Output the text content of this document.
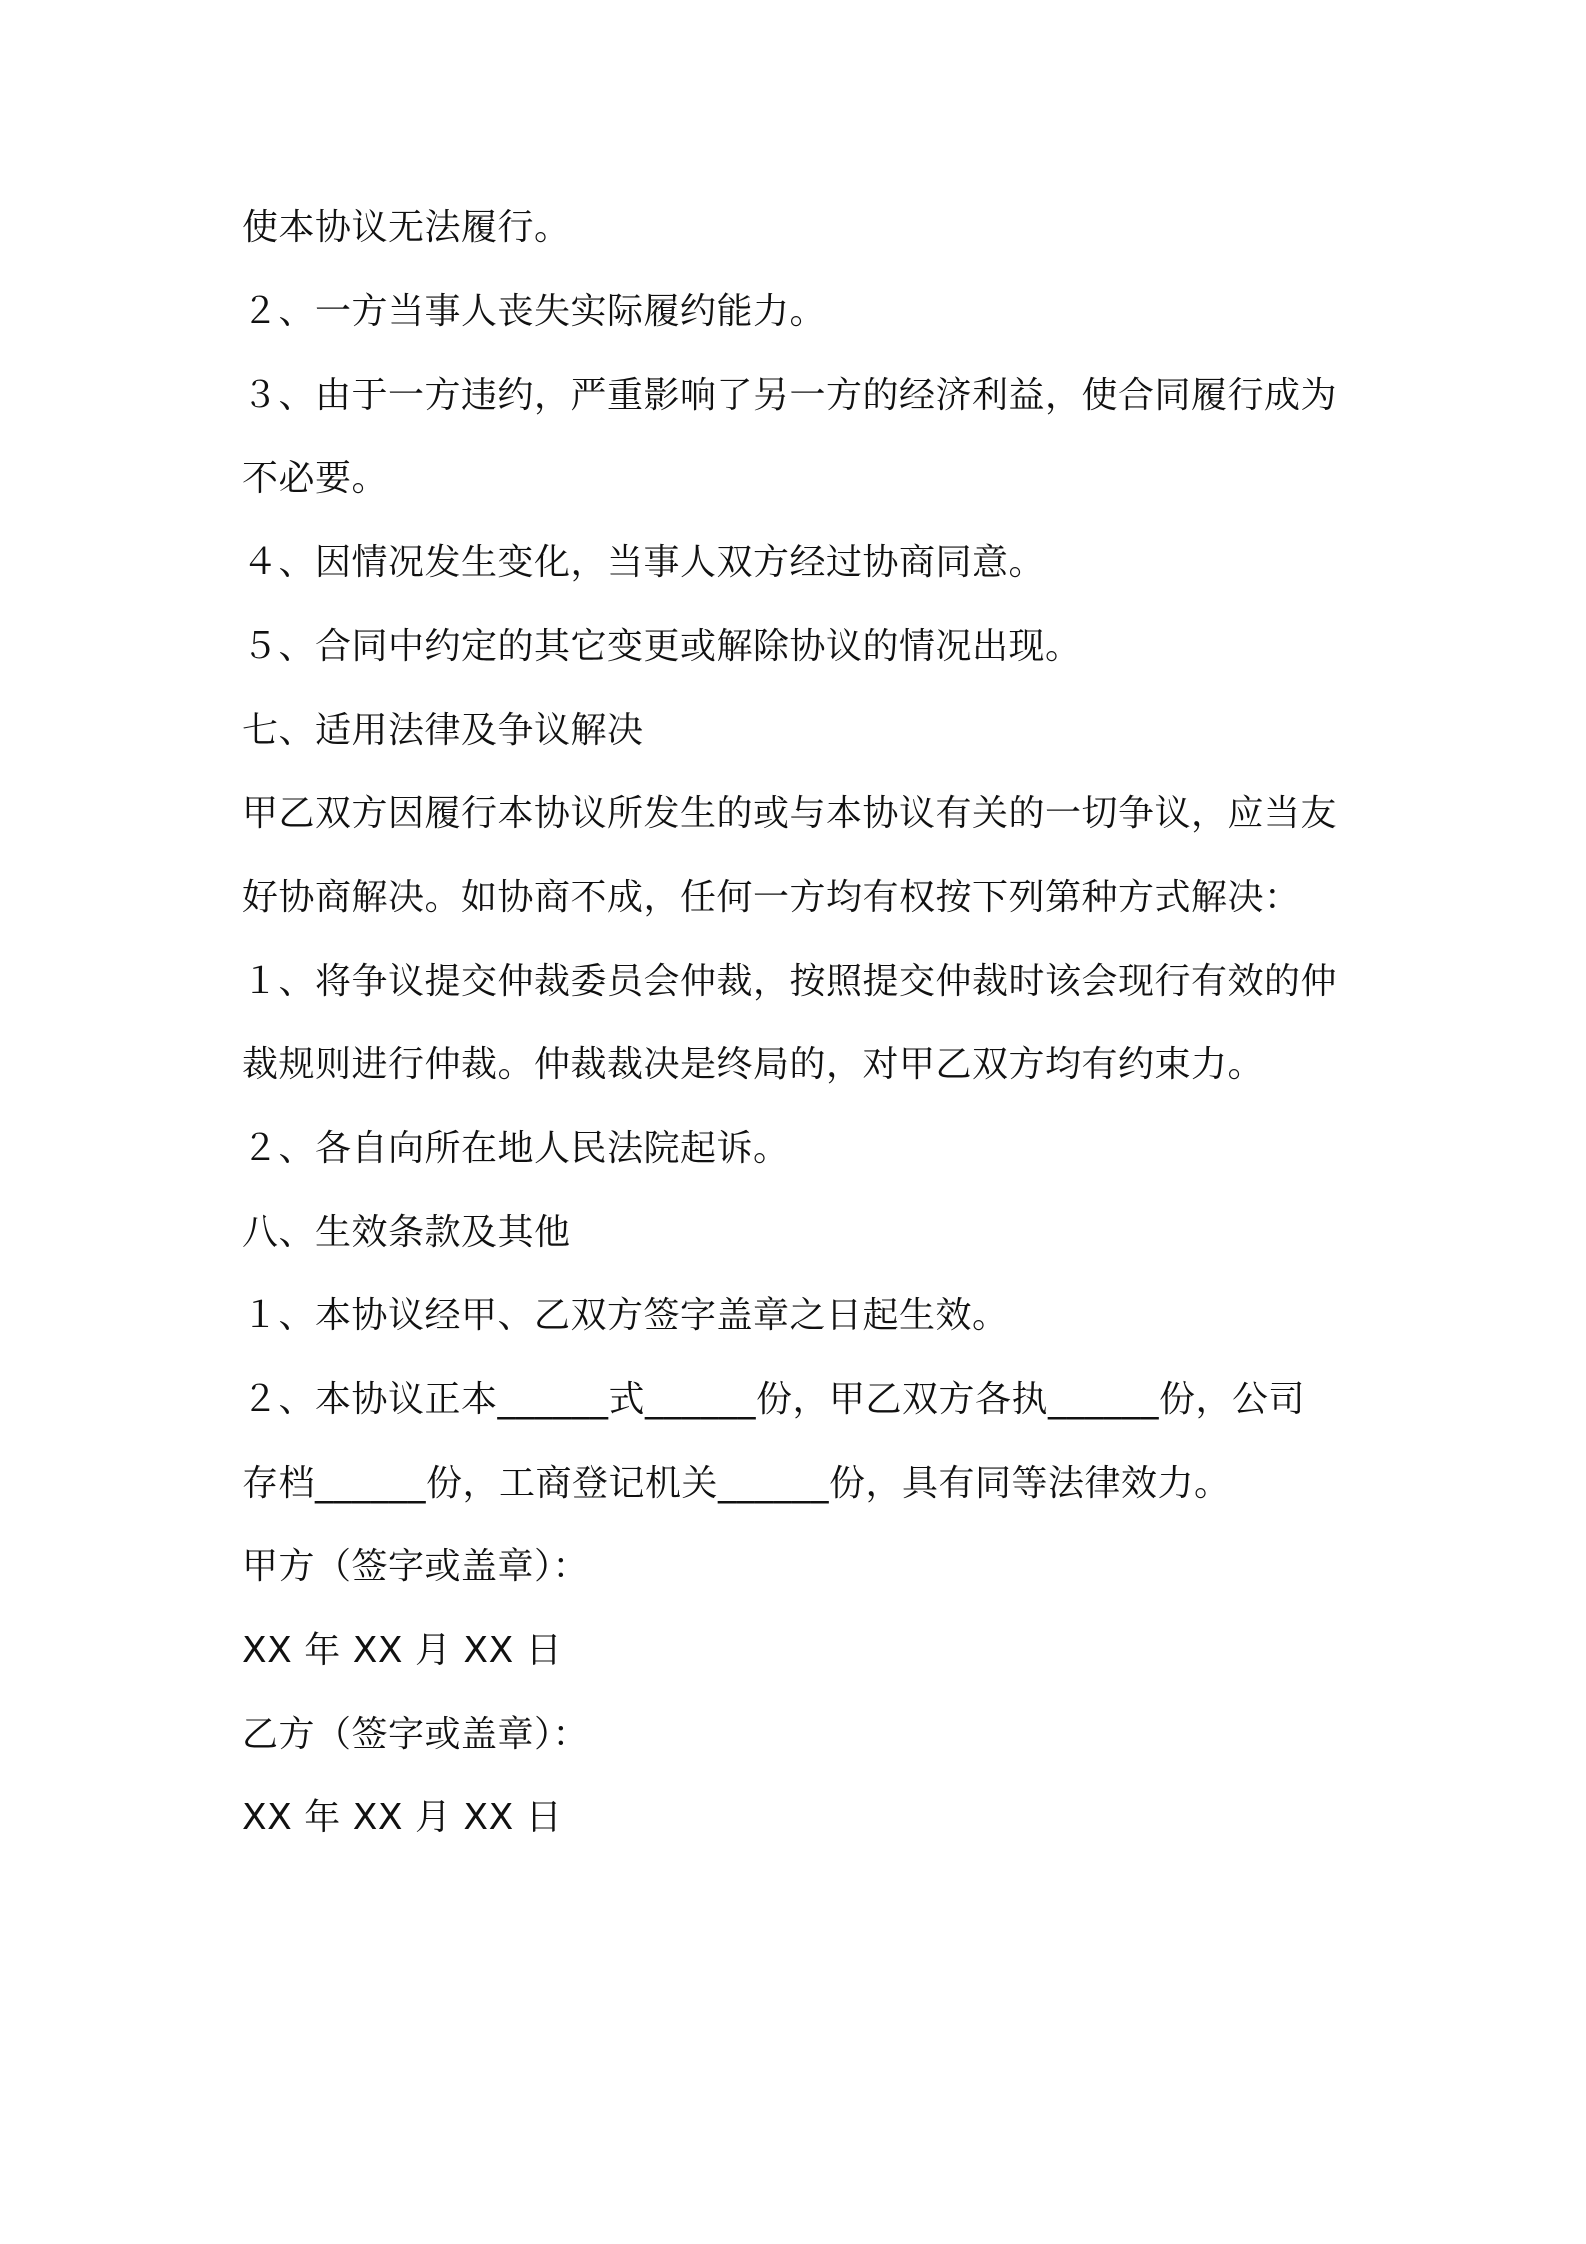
使本协议无法履行。
２、一方当事人丧失实际履约能力。
３、由于一方违约，严重影响了另一方的经济利益，使合同履行成为
不必要。
４、因情况发生变化，当事人双方经过协商同意。
５、合同中约定的其它变更或解除协议的情况出现。
七、适用法律及争议解决
甲乙双方因履行本协议所发生的或与本协议有关的一切争议，应当友
好协商解决。如协商不成，任何一方均有权按下列第种方式解决：
１、将争议提交仲裁委员会仲裁，按照提交仲裁时该会现行有效的仲
裁规则进行仲裁。仲裁裁决是终局的，对甲乙双方均有约束力。
２、各自向所在地人民法院起诉。
八、生效条款及其他
１、本协议经甲、乙双方签字盖章之日起生效。
２、本协议正本______式______份，甲乙双方各执______份，公司
存档______份，工商登记机关______份，具有同等法律效力。
甲方（签字或盖章）：
XX 年 XX 月 XX 日
乙方（签字或盖章）：
XX 年 XX 月 XX 日
